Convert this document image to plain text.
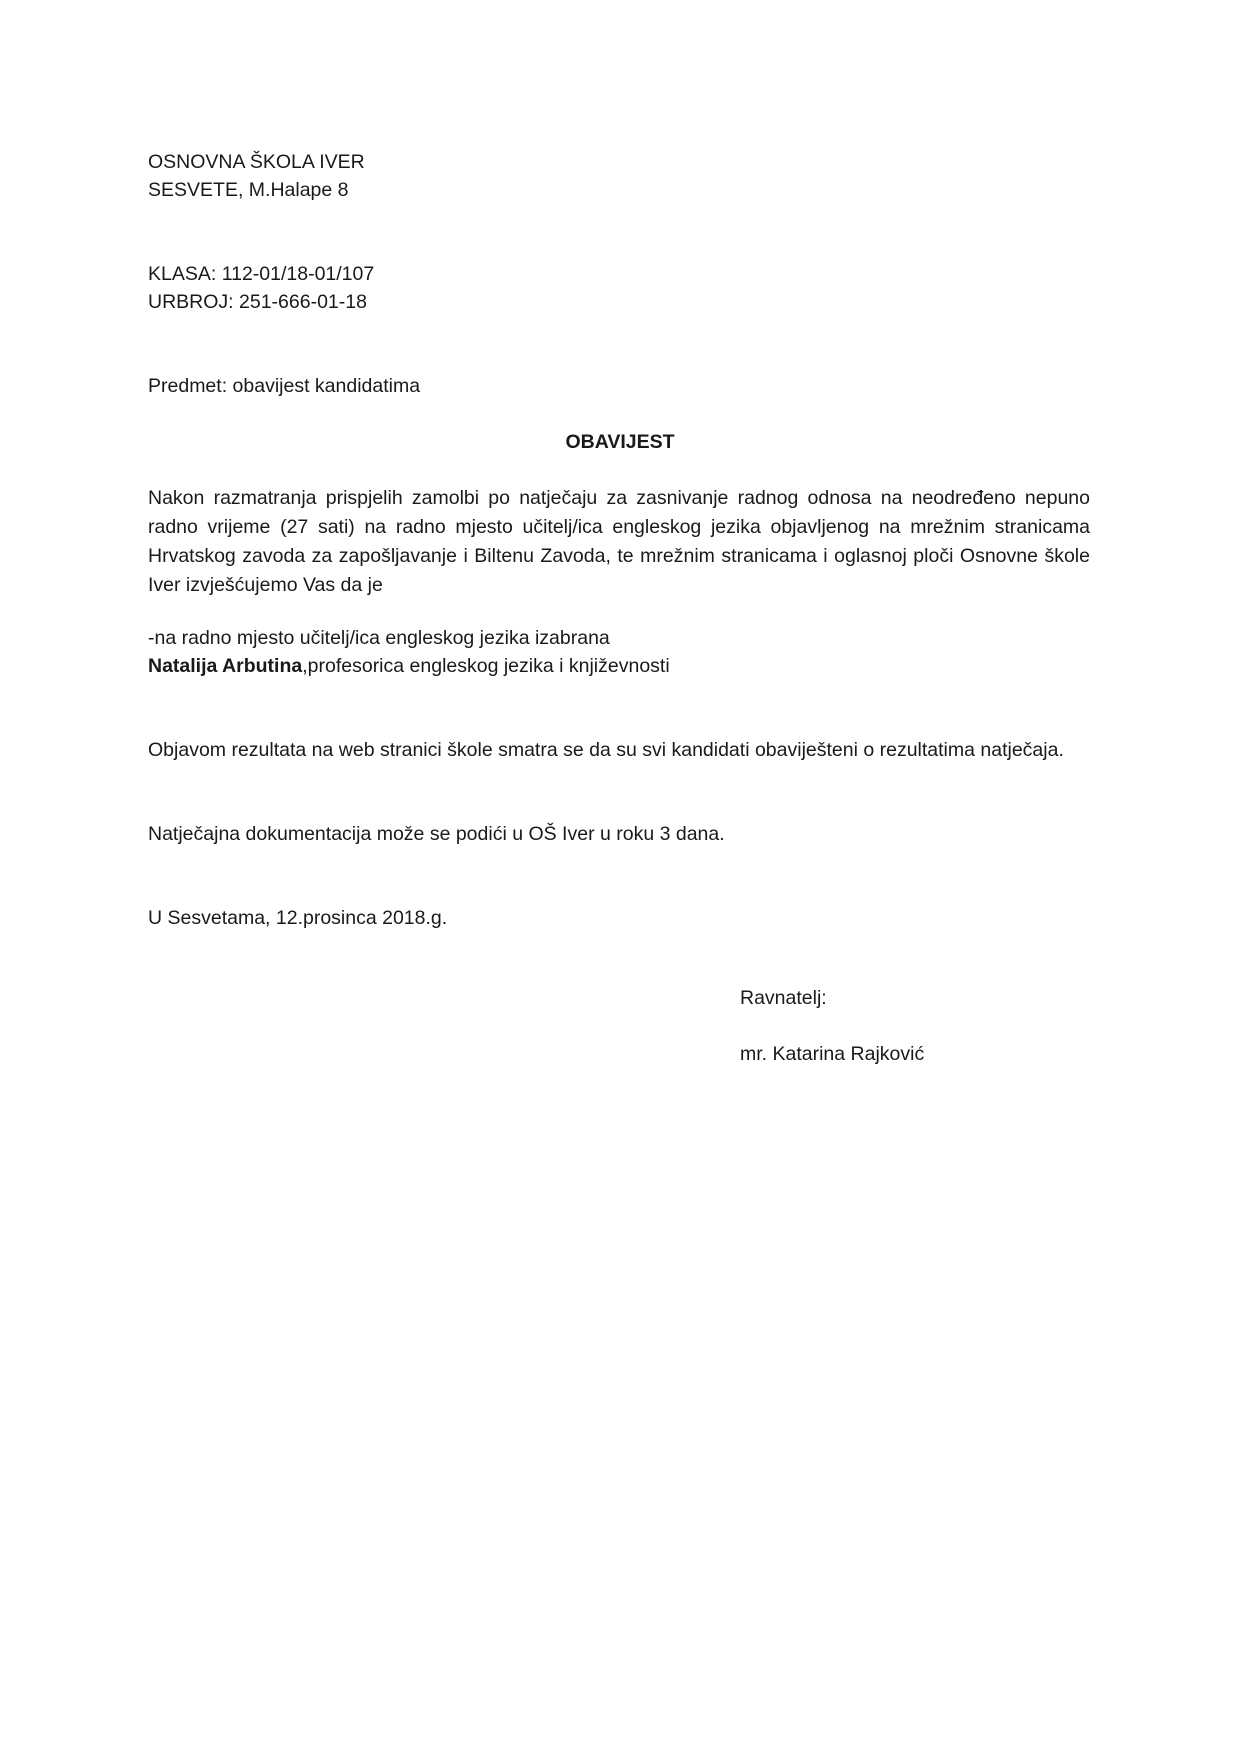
OSNOVNA ŠKOLA IVER
SESVETE, M.Halape 8
KLASA: 112-01/18-01/107
URBROJ: 251-666-01-18
Predmet: obavijest kandidatima
OBAVIJEST

Nakon razmatranja prispjelih zamolbi po natječaju za zasnivanje radnog odnosa na neodređeno nepuno radno vrijeme (27 sati) na radno mjesto učitelj/ica engleskog jezika objavljenog na mrežnim stranicama Hrvatskog zavoda za zapošljavanje i Biltenu Zavoda, te mrežnim stranicama i oglasnoj ploči Osnovne škole Iver izvješćujemo Vas da je

-na radno mjesto učitelj/ica engleskog jezika izabrana
Natalija Arbutina,profesorica engleskog jezika i književnosti

Objavom rezultata na web stranici škole smatra se da su svi kandidati obaviješteni o rezultatima natječaja.

Natječajna dokumentacija može se podići u OŠ Iver u roku 3 dana.
U Sesvetama, 12.prosinca 2018.g.
Ravnatelj:
mr. Katarina Rajković
